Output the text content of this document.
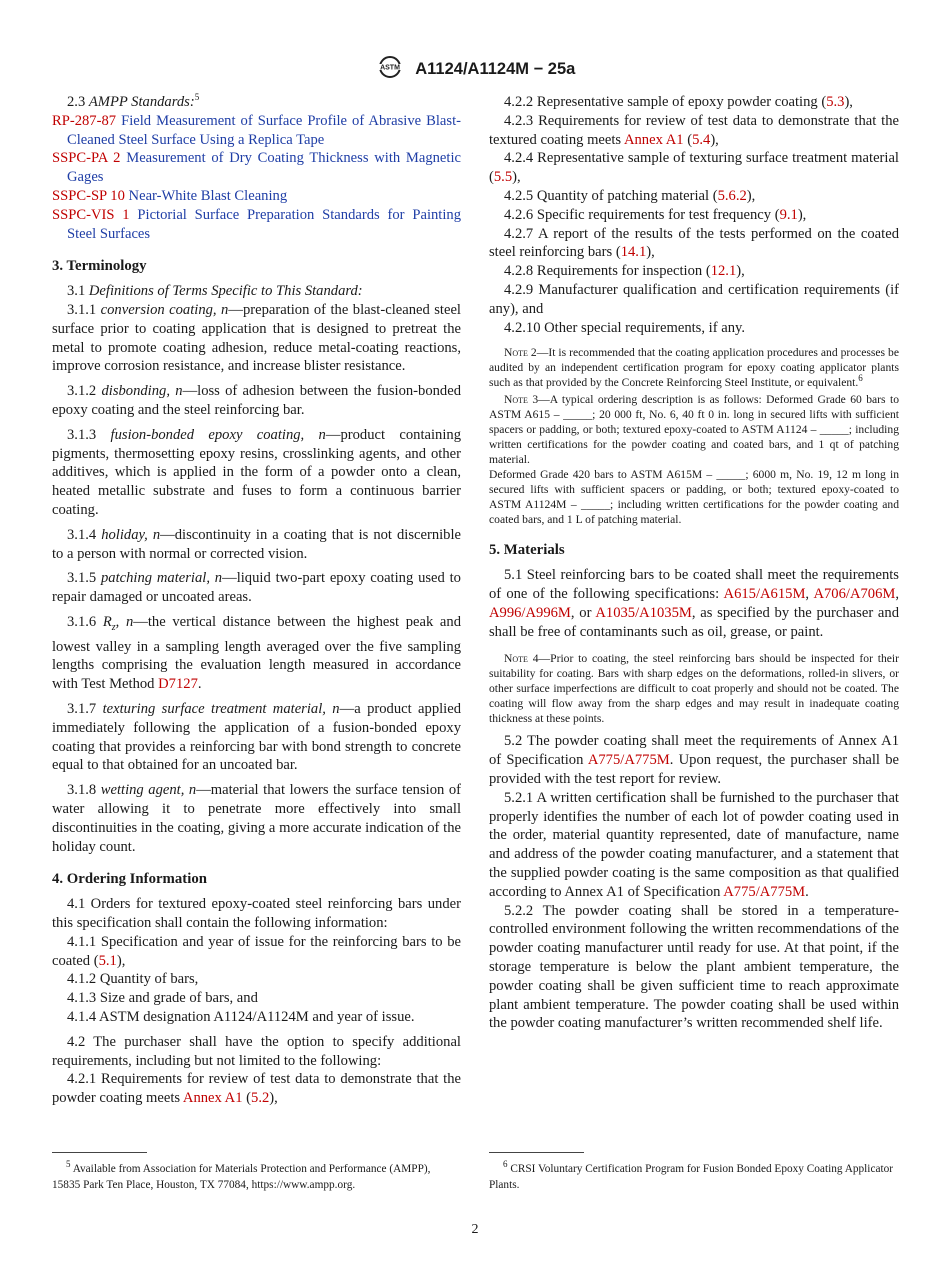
ASTM A1124/A1124M − 25a

2.3 AMPP Standards:$^5$

RP-287-87 Field Measurement of Surface Profile of Abrasive Blast-Cleaned Steel Surface Using a Replica Tape

SSPC-PA 2 Measurement of Dry Coating Thickness with Magnetic Gages

SSPC-SP 10 Near-White Blast Cleaning

SSPC-VIS 1 Pictorial Surface Preparation Standards for Painting Steel Surfaces

3. Terminology

3.1 Definitions of Terms Specific to This Standard:

3.1.1 conversion coating, n—preparation of the blast-cleaned steel surface prior to coating application that is designed to pretreat the metal to promote coating adhesion, reduce metal-coating reactions, improve corrosion resistance, and increase blister resistance.

3.1.2 disbonding, n—loss of adhesion between the fusion-bonded epoxy coating and the steel reinforcing bar.

3.1.3 fusion-bonded epoxy coating, n—product containing pigments, thermosetting epoxy resins, crosslinking agents, and other additives, which is applied in the form of a powder onto a clean, heated metallic substrate and fuses to form a continuous barrier coating.

3.1.4 holiday, n—discontinuity in a coating that is not discernible to a person with normal or corrected vision.

3.1.5 patching material, n—liquid two-part epoxy coating used to repair damaged or uncoated areas.

3.1.6 $R_z$, n—the vertical distance between the highest peak and lowest valley in a sampling length averaged over the five sampling lengths comprising the evaluation length measured in accordance with Test Method D7127.

3.1.7 texturing surface treatment material, n—a product applied immediately following the application of a fusion-bonded epoxy coating that provides a reinforcing bar with bond strength to concrete equal to that obtained for an uncoated bar.

3.1.8 wetting agent, n—material that lowers the surface tension of water allowing it to penetrate more effectively into small discontinuities in the coating, giving a more accurate indication of the holiday count.

4. Ordering Information

4.1 Orders for textured epoxy-coated steel reinforcing bars under this specification shall contain the following information:

4.1.1 Specification and year of issue for the reinforcing bars to be coated (5.1),

4.1.2 Quantity of bars,

4.1.3 Size and grade of bars, and

4.1.4 ASTM designation A1124/A1124M and year of issue.

4.2 The purchaser shall have the option to specify additional requirements, including but not limited to the following:

4.2.1 Requirements for review of test data to demonstrate that the powder coating meets Annex A1 (5.2),

4.2.2 Representative sample of epoxy powder coating (5.3),

4.2.3 Requirements for review of test data to demonstrate that the textured coating meets Annex A1 (5.4),

4.2.4 Representative sample of texturing surface treatment material (5.5),

4.2.5 Quantity of patching material (5.6.2),

4.2.6 Specific requirements for test frequency (9.1),

4.2.7 A report of the results of the tests performed on the coated steel reinforcing bars (14.1),

4.2.8 Requirements for inspection (12.1),

4.2.9 Manufacturer qualification and certification requirements (if any), and

4.2.10 Other special requirements, if any.

Note 2—It is recommended that the coating application procedures and processes be audited by an independent certification program for epoxy coating applicator plants such as that provided by the Concrete Reinforcing Steel Institute, or equivalent.$^6$

Note 3—A typical ordering description is as follows: Deformed Grade 60 bars to ASTM A615 – _____; 20 000 ft, No. 6, 40 ft 0 in. long in secured lifts with sufficient spacers or padding, or both; textured epoxy-coated to ASTM A1124 – _____; including written certifications for the powder coating and coated bars, and 1 qt of patching material.

Deformed Grade 420 bars to ASTM A615M – _____; 6000 m, No. 19, 12 m long in secured lifts with sufficient spacers or padding, or both; textured epoxy-coated to ASTM A1124M – _____; including written certifications for the powder coating and coated bars, and 1 L of patching material.

5. Materials

5.1 Steel reinforcing bars to be coated shall meet the requirements of one of the following specifications: A615/A615M, A706/A706M, A996/A996M, or A1035/A1035M, as specified by the purchaser and shall be free of contaminants such as oil, grease, or paint.

Note 4—Prior to coating, the steel reinforcing bars should be inspected for their suitability for coating. Bars with sharp edges on the deformations, rolled-in slivers, or other surface imperfections are difficult to coat properly and should not be coated. The coating will flow away from the sharp edges and may result in inadequate coating thickness at these points.

5.2 The powder coating shall meet the requirements of Annex A1 of Specification A775/A775M. Upon request, the purchaser shall be provided with the test report for review.

5.2.1 A written certification shall be furnished to the purchaser that properly identifies the number of each lot of powder coating used in the order, material quantity represented, date of manufacture, name and address of the powder coating manufacturer, and a statement that the supplied powder coating is the same composition as that qualified according to Annex A1 of Specification A775/A775M.

5.2.2 The powder coating shall be stored in a temperature-controlled environment following the written recommendations of the powder coating manufacturer until ready for use. At that point, if the storage temperature is below the plant ambient temperature, the powder coating shall be given sufficient time to reach approximate plant ambient temperature. The powder coating shall be used within the powder coating manufacturer’s written recommended shelf life.

$^5$ Available from Association for Materials Protection and Performance (AMPP), 15835 Park Ten Place, Houston, TX 77084, https://www.ampp.org.
$^6$ CRSI Voluntary Certification Program for Fusion Bonded Epoxy Coating Applicator Plants.
2
